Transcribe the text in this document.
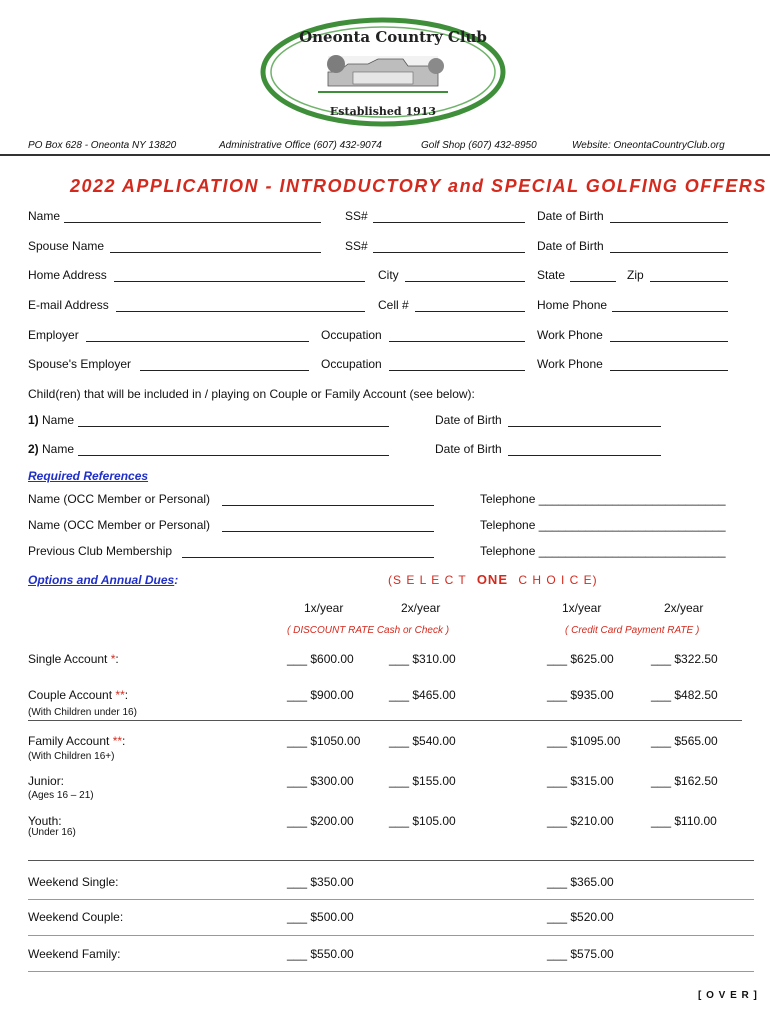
Oneonta Country Club
Established 1913
PO Box 628 - Oneonta NY 13820	Administrative Office (607) 432-9074	Golf Shop (607) 432-8950	Website: OneontaCountryClub.org
2022 APPLICATION - INTRODUCTORY and SPECIAL GOLFING OFFERS
Name	SS#	Date of Birth
Spouse Name	SS#	Date of Birth
Home Address	City	State	Zip
E-mail Address	Cell #	Home Phone
Employer	Occupation	Work Phone
Spouse's Employer	Occupation	Work Phone
Child(ren) that will be included in / playing on Couple or Family Account (see below):
1) Name	Date of Birth
2) Name	Date of Birth
Required References
Name (OCC Member or Personal)	Telephone ____________________________
Name (OCC Member or Personal)	Telephone ____________________________
Previous Club Membership	Telephone ____________________________
Options and Annual Dues:	(S E L E C T ONE C H O I C E)
1x/year	2x/year	1x/year	2x/year
( DISCOUNT RATE Cash or Check )	( Credit Card Payment RATE )
Single Account *:	___ $600.00	___ $310.00	___ $625.00	___ $322.50
Couple Account **:
(With Children under 16)
___ $900.00	___ $465.00	___ $935.00	___ $482.50
Family Account **:
(With Children 16+)
___ $1050.00 ___ $540.00	___ $1095.00	___ $565.00
Junior:
(Ages 16 – 21)
___ $300.00	___ $155.00	___ $315.00	___ $162.50
Youth:
(Under 16)
___ $200.00	___ $105.00	___ $210.00	___ $110.00
Weekend Single:	___ $350.00	___ $365.00
Weekend Couple:	___ $500.00	___ $520.00
Weekend Family:	___ $550.00	___ $575.00
[ O V E R ]
